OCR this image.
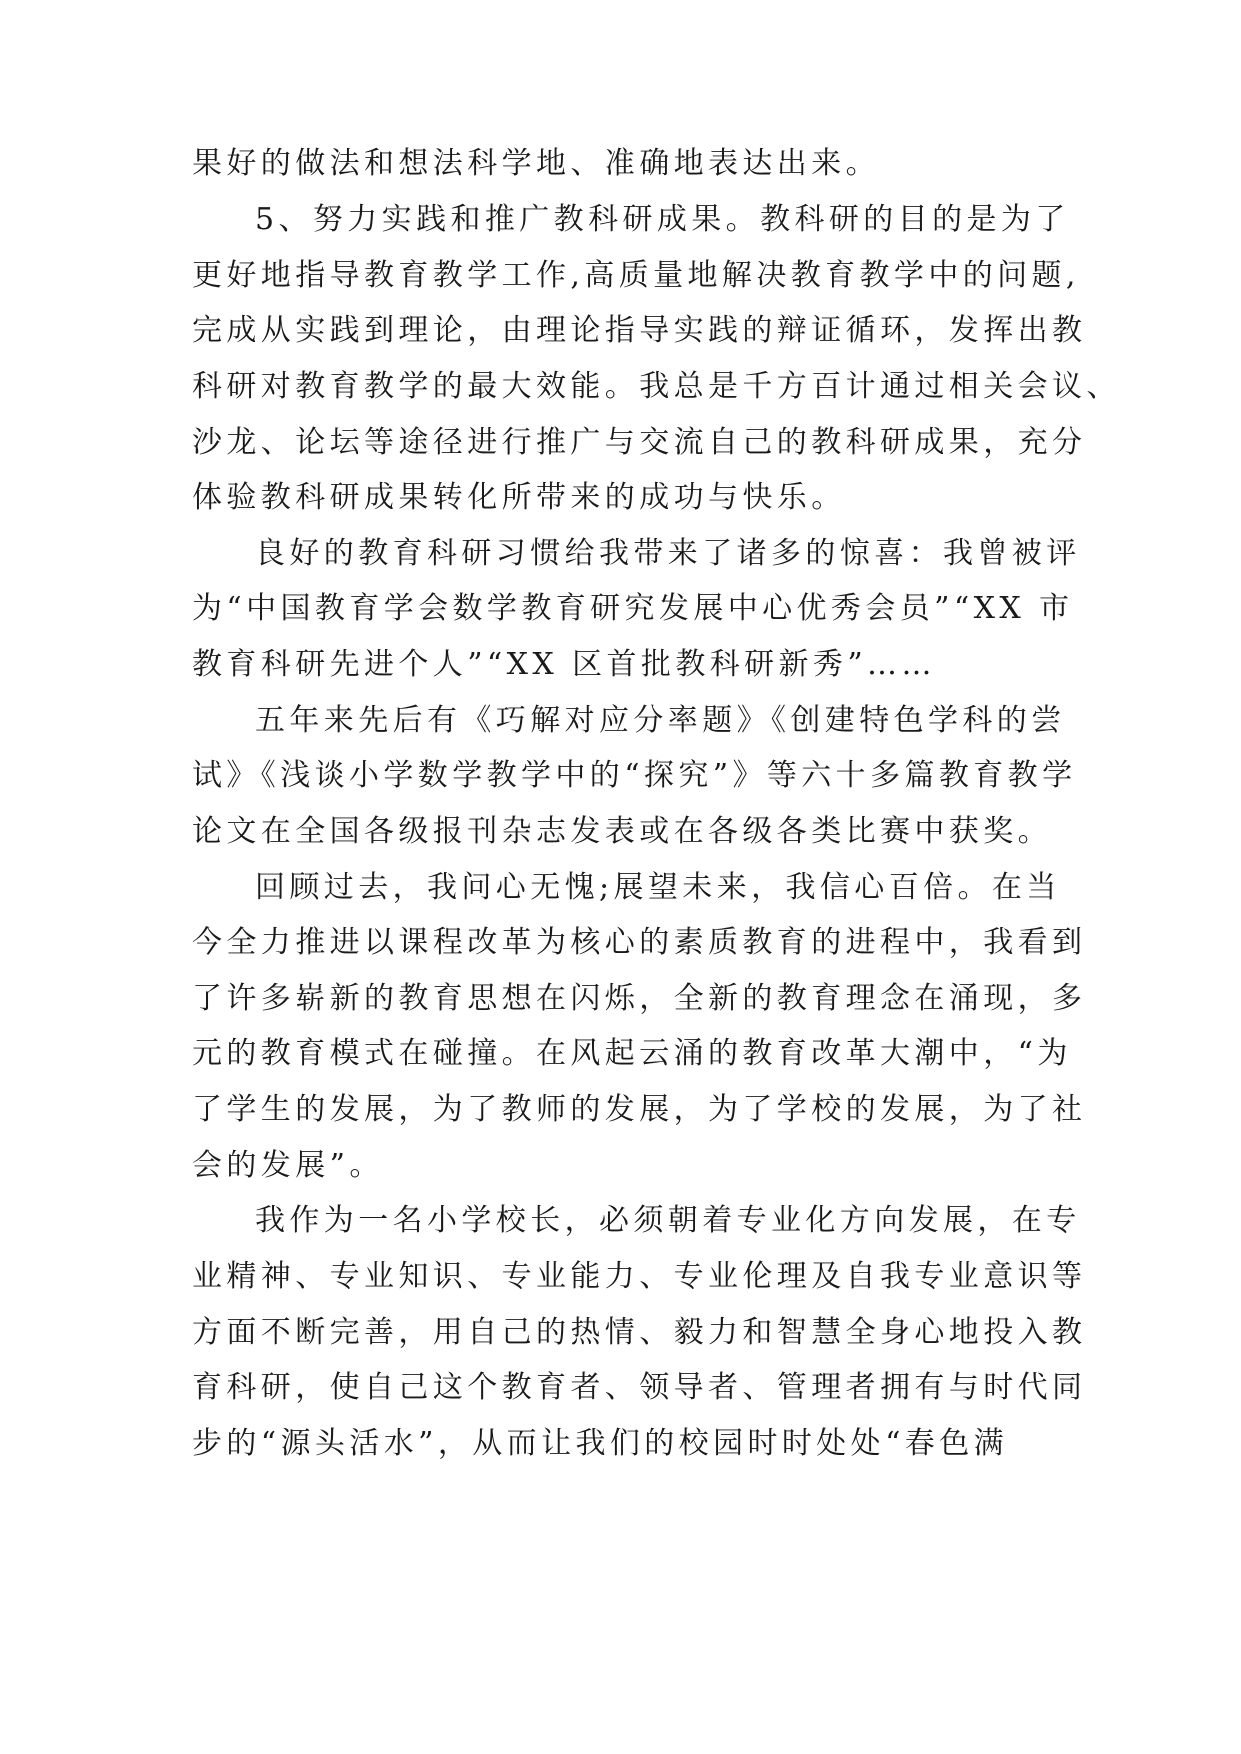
果好的做法和想法科学地、准确地表达出来。

5、努力实践和推广教科研成果。教科研的目的是为了

更好地指导教育教学工作,高质量地解决教育教学中的问题,

完成从实践到理论，由理论指导实践的辩证循环，发挥出教

科研对教育教学的最大效能。我总是千方百计通过相关会议、

沙龙、论坛等途径进行推广与交流自己的教科研成果，充分

体验教科研成果转化所带来的成功与快乐。

良好的教育科研习惯给我带来了诸多的惊喜：我曾被评

为“中国教育学会数学教育研究发展中心优秀会员”“XX 市

教育科研先进个人”“XX 区首批教科研新秀”……

五年来先后有《巧解对应分率题》《创建特色学科的尝

试》《浅谈小学数学教学中的“探究”》等六十多篇教育教学

论文在全国各级报刊杂志发表或在各级各类比赛中获奖。

回顾过去，我问心无愧;展望未来，我信心百倍。在当

今全力推进以课程改革为核心的素质教育的进程中，我看到

了许多崭新的教育思想在闪烁，全新的教育理念在涌现，多

元的教育模式在碰撞。在风起云涌的教育改革大潮中，“为

了学生的发展，为了教师的发展，为了学校的发展，为了社

会的发展”。

我作为一名小学校长，必须朝着专业化方向发展，在专

业精神、专业知识、专业能力、专业伦理及自我专业意识等

方面不断完善，用自己的热情、毅力和智慧全身心地投入教

育科研，使自己这个教育者、领导者、管理者拥有与时代同

步的“源头活水”，从而让我们的校园时时处处“春色满
